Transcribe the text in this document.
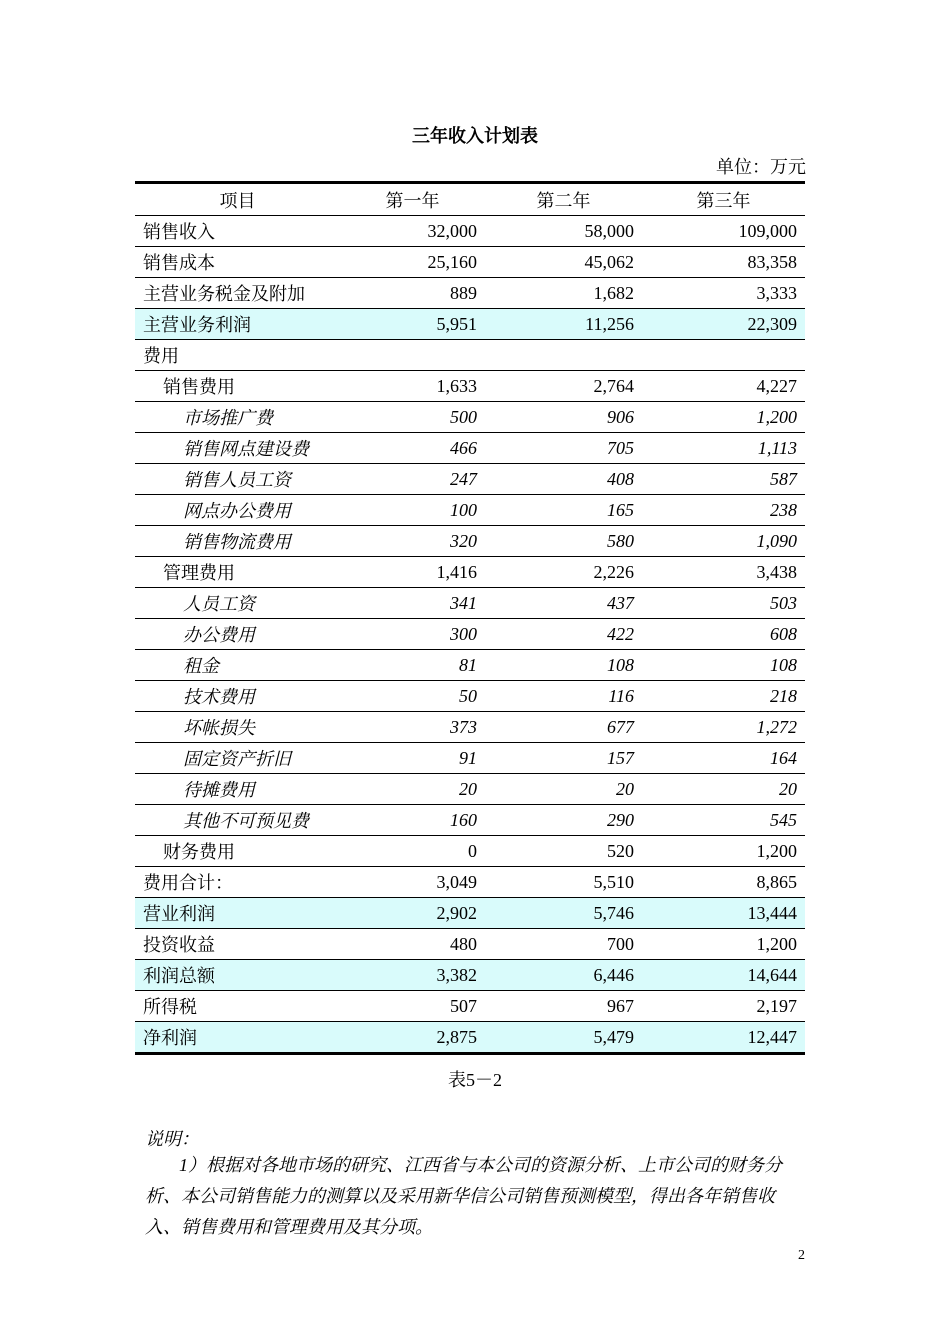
三年收入计划表
单位：万元
项目	第一年	第二年	第三年
销售收入	32,000	58,000	109,000
销售成本	25,160	45,062	83,358
主营业务税金及附加	889	1,682	3,333
主营业务利润	5,951	11,256	22,309
费用			
销售费用	1,633	2,764	4,227
市场推广费	500	906	1,200
销售网点建设费	466	705	1,113
销售人员工资	247	408	587
网点办公费用	100	165	238
销售物流费用	320	580	1,090
管理费用	1,416	2,226	3,438
人员工资	341	437	503
办公费用	300	422	608
租金	81	108	108
技术费用	50	116	218
坏帐损失	373	677	1,272
固定资产折旧	91	157	164
待摊费用	20	20	20
其他不可预见费	160	290	545
财务费用	0	520	1,200
费用合计：	3,049	5,510	8,865
营业利润	2,902	5,746	13,444
投资收益	480	700	1,200
利润总额	3,382	6,446	14,644
所得税	507	967	2,197
净利润	2,875	5,479	12,447
表5－2
说明：
1）根据对各地市场的研究、江西省与本公司的资源分析、上市公司的财务分析、本公司销售能力的测算以及采用新华信公司销售预测模型，得出各年销售收入、销售费用和管理费用及其分项。
2
